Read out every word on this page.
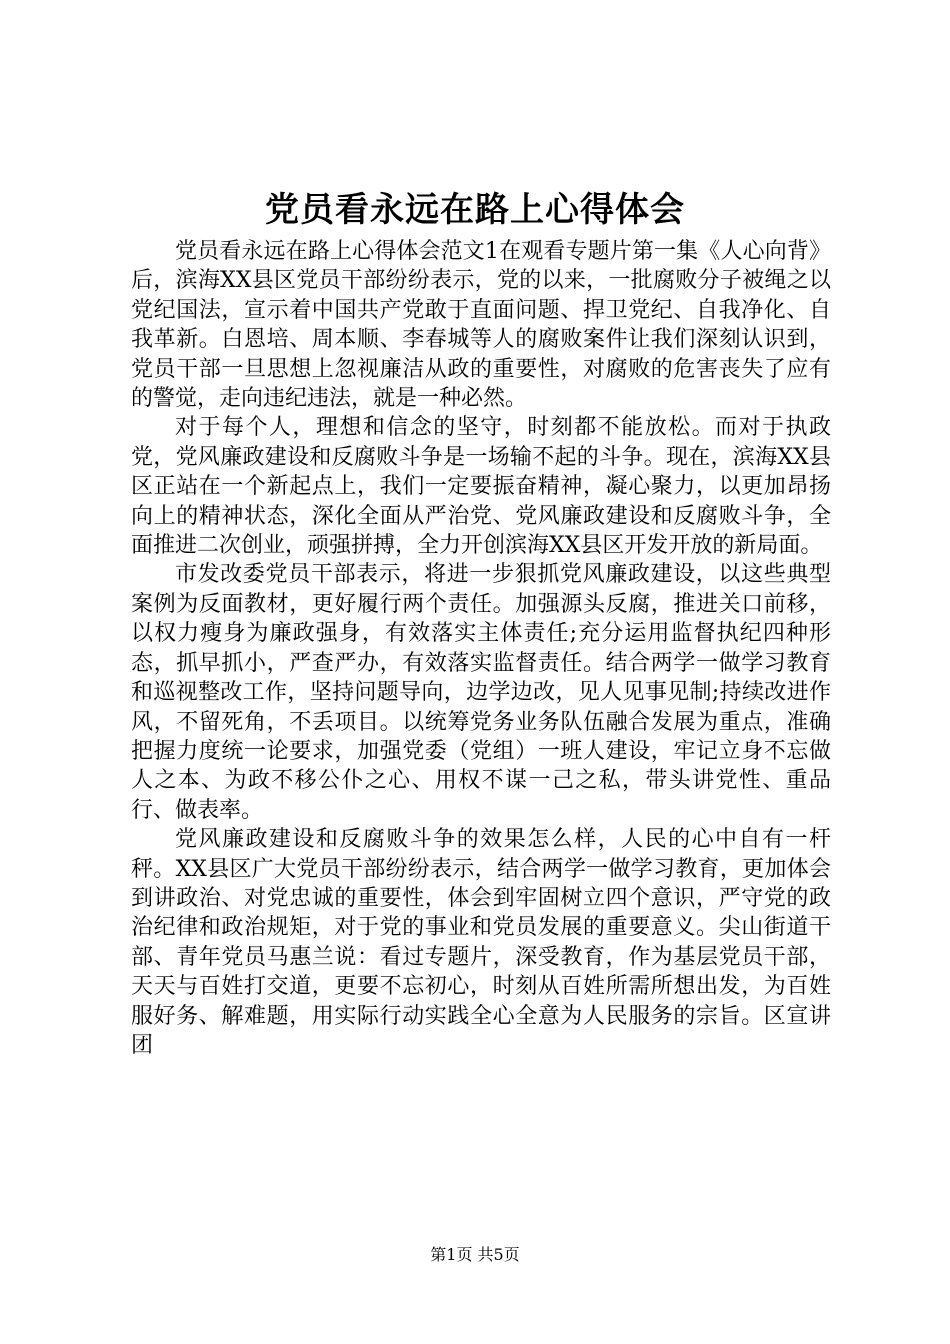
党员看永远在路上心得体会

党员看永远在路上心得体会范文1在观看专题片第一集《人心向背》后，滨海XX县区党员干部纷纷表示，党的以来，一批腐败分子被绳之以党纪国法，宣示着中国共产党敢于直面问题、捍卫党纪、自我净化、自我革新。白恩培、周本顺、李春城等人的腐败案件让我们深刻认识到，党员干部一旦思想上忽视廉洁从政的重要性，对腐败的危害丧失了应有的警觉，走向违纪违法，就是一种必然。

对于每个人，理想和信念的坚守，时刻都不能放松。而对于执政党，党风廉政建设和反腐败斗争是一场输不起的斗争。现在，滨海XX县区正站在一个新起点上，我们一定要振奋精神，凝心聚力，以更加昂扬向上的精神状态，深化全面从严治党、党风廉政建设和反腐败斗争，全面推进二次创业，顽强拼搏，全力开创滨海XX县区开发开放的新局面。

市发改委党员干部表示，将进一步狠抓党风廉政建设，以这些典型案例为反面教材，更好履行两个责任。加强源头反腐，推进关口前移，以权力瘦身为廉政强身，有效落实主体责任;充分运用监督执纪四种形态，抓早抓小，严查严办，有效落实监督责任。结合两学一做学习教育和巡视整改工作，坚持问题导向，边学边改，见人见事见制;持续改进作风，不留死角，不丢项目。以统筹党务业务队伍融合发展为重点，准确把握力度统一论要求，加强党委（党组）一班人建设，牢记立身不忘做人之本、为政不移公仆之心、用权不谋一己之私，带头讲党性、重品行、做表率。

党风廉政建设和反腐败斗争的效果怎么样，人民的心中自有一杆秤。XX县区广大党员干部纷纷表示，结合两学一做学习教育，更加体会到讲政治、对党忠诚的重要性，体会到牢固树立四个意识，严守党的政治纪律和政治规矩，对于党的事业和党员发展的重要意义。尖山街道干部、青年党员马惠兰说：看过专题片，深受教育，作为基层党员干部，天天与百姓打交道，更要不忘初心，时刻从百姓所需所想出发，为百姓服好务、解难题，用实际行动实践全心全意为人民服务的宗旨。区宣讲团

第1页 共5页
